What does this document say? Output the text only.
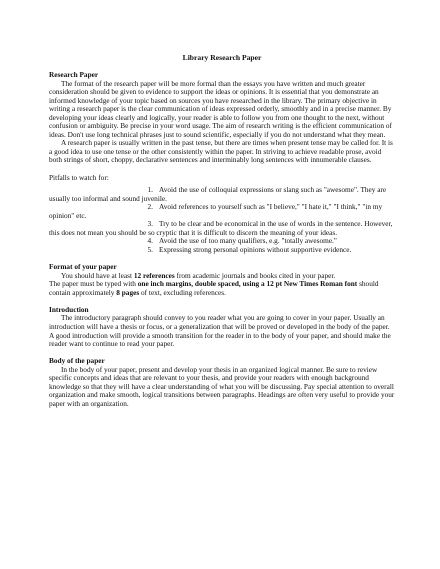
Library Research Paper
Research Paper

The format of the research paper will be more formal than the essays you have written and much greater consideration should be given to evidence to support the ideas or opinions. It is essential that you demonstrate an informed knowledge of your topic based on sources you have researched in the library. The primary objective in writing a research paper is the clear communication of ideas expressed orderly, smoothly and in a precise manner. By developing your ideas clearly and logically, your reader is able to follow you from one thought to the next, without confusion or ambiguity. Be precise in your word usage. The aim of research writing is the efficient communication of ideas. Don't use long technical phrases just to sound scientific, especially if you do not understand what they mean.

A research paper is usually written in the past tense, but there are times when present tense may be called for. It is a good idea to use one tense or the other consistently within the paper. In striving to achieve readable prose, avoid both strings of short, choppy, declarative sentences and interminably long sentences with innumerable clauses.

Pitfalls to watch for:

1. Avoid the use of colloquial expressions or slang such as "awesome". They are

usually too informal and sound juvenile.

2. Avoid references to yourself such as "I believe," "I hate it," "I think," "in my

opinion" etc.

3. Try to be clear and be economical in the use of words in the sentence. However,

this does not mean you should be so cryptic that it is difficult to discern the meaning of your ideas.

4. Avoid the use of too many qualifiers, e.g. "totally awesome."
5. Expressing strong personal opinions without supportive evidence.
Format of your paper

You should have at least 12 references from academic journals and books cited in your paper.

The paper must be typed with one inch margins, double spaced, using a 12 pt New Times Roman font should contain approximately 8 pages of text, excluding references.

Introduction

The introductory paragraph should convey to you reader what you are going to cover in your paper. Usually an introduction will have a thesis or focus, or a generalization that will be proved or developed in the body of the paper. A good introduction will provide a smooth transition for the reader in to the body of your paper, and should make the reader want to continue to read your paper.

Body of the paper

In the body of your paper, present and develop your thesis in an organized logical manner. Be sure to review specific concepts and ideas that are relevant to your thesis, and provide your readers with enough background knowledge so that they will have a clear understanding of what you will be discussing. Pay special attention to overall organization and make smooth, logical transitions between paragraphs. Headings are often very useful to provide your paper with an organization.
